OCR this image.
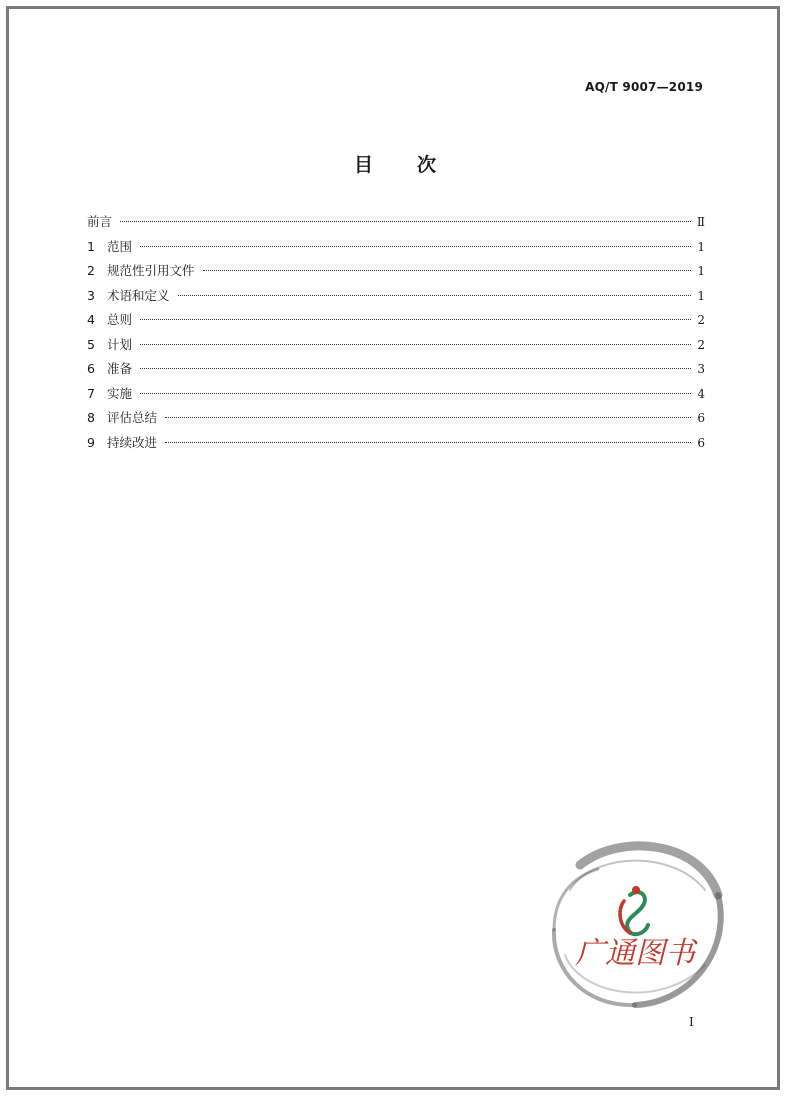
AQ/T 9007—2019
目次
前言	Ⅱ
1 范围	1
2 规范性引用文件	1
3 术语和定义	1
4 总则	2
5 计划	2
6 准备	3
7 实施	4
8 评估总结	6
9 持续改进	6
广通图书
I
